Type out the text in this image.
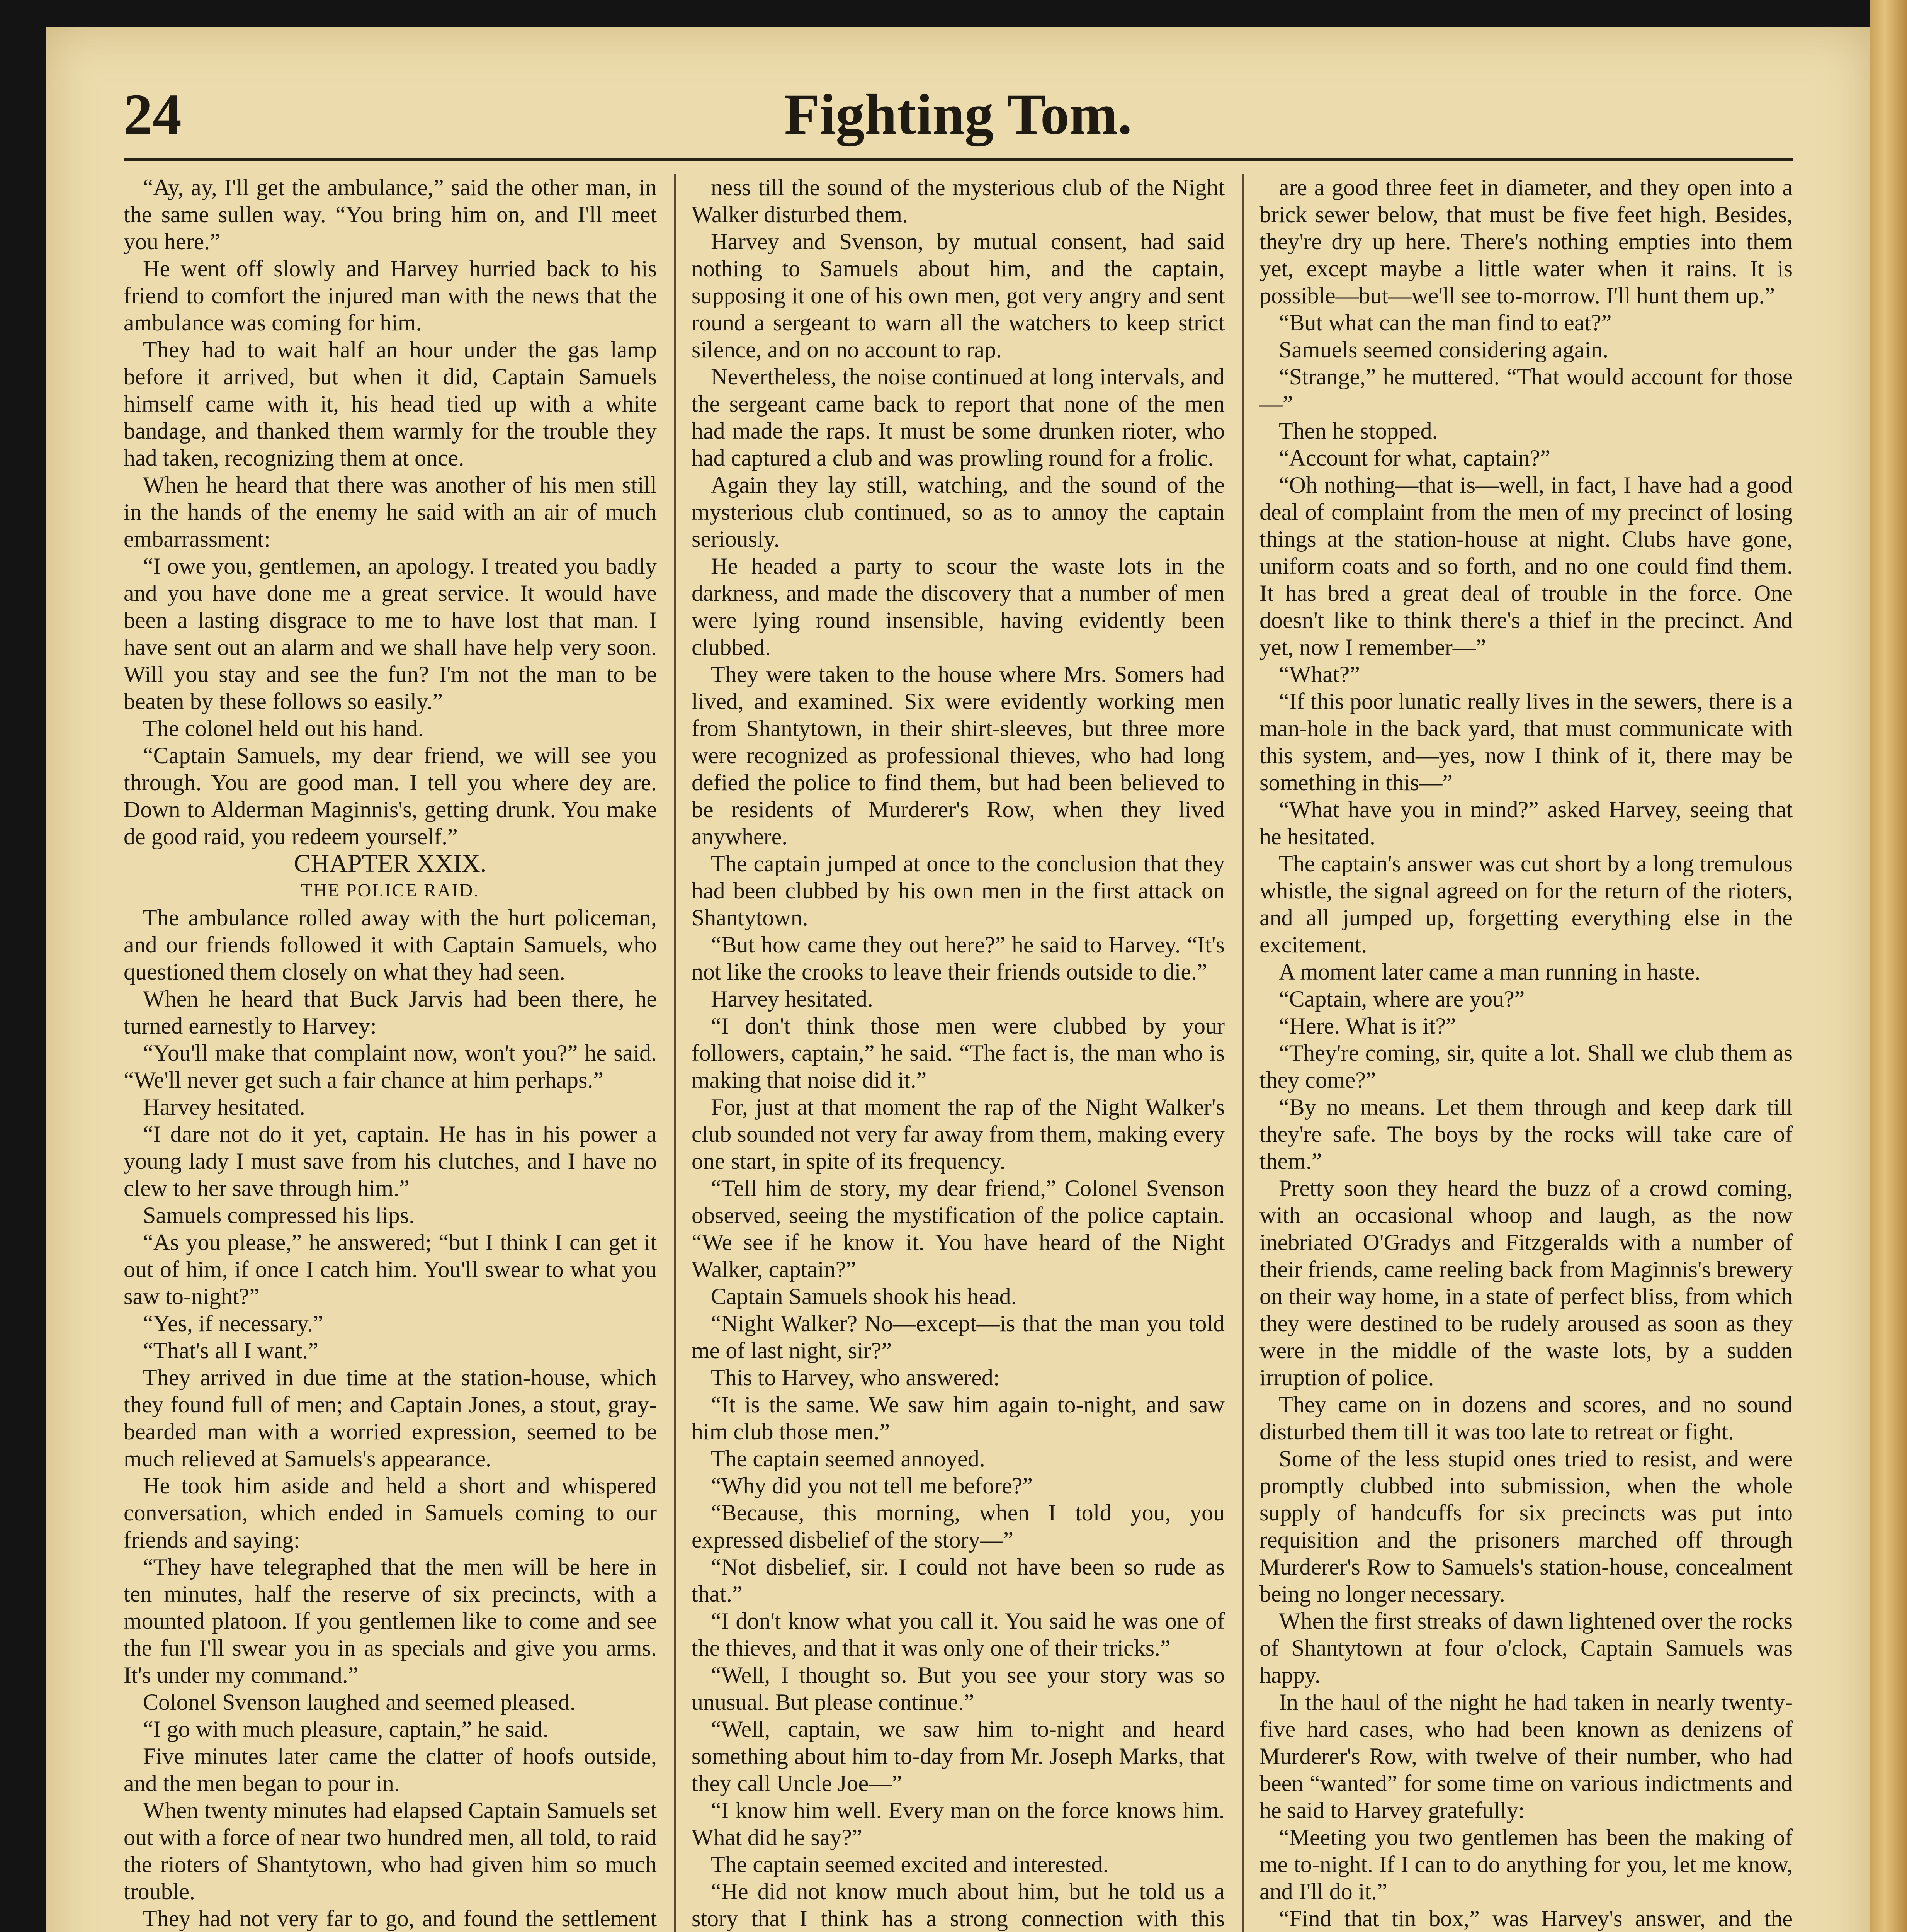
24	Fighting Tom.

“Ay, ay, I'll get the ambulance,” said the other man, in the same sullen way. “You bring him on, and I'll meet you here.”

He went off slowly and Harvey hurried back to his friend to comfort the injured man with the news that the ambulance was coming for him.

They had to wait half an hour under the gas lamp before it arrived, but when it did, Captain Samuels himself came with it, his head tied up with a white bandage, and thanked them warmly for the trouble they had taken, recognizing them at once.

When he heard that there was another of his men still in the hands of the enemy he said with an air of much embarrassment:

“I owe you, gentlemen, an apology. I treated you badly and you have done me a great service. It would have been a lasting disgrace to me to have lost that man. I have sent out an alarm and we shall have help very soon. Will you stay and see the fun? I'm not the man to be beaten by these follows so easily.”

The colonel held out his hand.

“Captain Samuels, my dear friend, we will see you through. You are good man. I tell you where dey are. Down to Alderman Maginnis's, getting drunk. You make de good raid, you redeem yourself.”

CHAPTER XXIX.

THE POLICE RAID.

The ambulance rolled away with the hurt policeman, and our friends followed it with Captain Samuels, who questioned them closely on what they had seen.

When he heard that Buck Jarvis had been there, he turned earnestly to Harvey:

“You'll make that complaint now, won't you?” he said. “We'll never get such a fair chance at him perhaps.”

Harvey hesitated.

“I dare not do it yet, captain. He has in his power a young lady I must save from his clutches, and I have no clew to her save through him.”

Samuels compressed his lips.

“As you please,” he answered; “but I think I can get it out of him, if once I catch him. You'll swear to what you saw to-night?”

“Yes, if necessary.”

“That's all I want.”

They arrived in due time at the station-house, which they found full of men; and Captain Jones, a stout, gray-bearded man with a worried expression, seemed to be much relieved at Samuels's appearance.

He took him aside and held a short and whispered conversation, which ended in Samuels coming to our friends and saying:

“They have telegraphed that the men will be here in ten minutes, half the reserve of six precincts, with a mounted platoon. If you gentlemen like to come and see the fun I'll swear you in as specials and give you arms. It's under my command.”

Colonel Svenson laughed and seemed pleased.

“I go with much pleasure, captain,” he said.

Five minutes later came the clatter of hoofs outside, and the men began to pour in.

When twenty minutes had elapsed Captain Samuels set out with a force of near two hundred men, all told, to raid the rioters of Shantytown, who had given him so much trouble.

They had not very far to go, and found the settlement

ness till the sound of the mysterious club of the Night Walker disturbed them.

Harvey and Svenson, by mutual consent, had said nothing to Samuels about him, and the captain, supposing it one of his own men, got very angry and sent round a sergeant to warn all the watchers to keep strict silence, and on no account to rap.

Nevertheless, the noise continued at long intervals, and the sergeant came back to report that none of the men had made the raps. It must be some drunken rioter, who had captured a club and was prowling round for a frolic.

Again they lay still, watching, and the sound of the mysterious club continued, so as to annoy the captain seriously.

He headed a party to scour the waste lots in the darkness, and made the discovery that a number of men were lying round insensible, having evidently been clubbed.

They were taken to the house where Mrs. Somers had lived, and examined. Six were evidently working men from Shantytown, in their shirt-sleeves, but three more were recognized as professional thieves, who had long defied the police to find them, but had been believed to be residents of Murderer's Row, when they lived anywhere.

The captain jumped at once to the conclusion that they had been clubbed by his own men in the first attack on Shantytown.

“But how came they out here?” he said to Harvey. “It's not like the crooks to leave their friends outside to die.”

Harvey hesitated.

“I don't think those men were clubbed by your followers, captain,” he said. “The fact is, the man who is making that noise did it.”

For, just at that moment the rap of the Night Walker's club sounded not very far away from them, making every one start, in spite of its frequency.

“Tell him de story, my dear friend,” Colonel Svenson observed, seeing the mystification of the police captain. “We see if he know it. You have heard of the Night Walker, captain?”

Captain Samuels shook his head.

“Night Walker? No—except—is that the man you told me of last night, sir?”

This to Harvey, who answered:

“It is the same. We saw him again to-night, and saw him club those men.”

The captain seemed annoyed.

“Why did you not tell me before?”

“Because, this morning, when I told you, you expressed disbelief of the story—”

“Not disbelief, sir. I could not have been so rude as that.”

“I don't know what you call it. You said he was one of the thieves, and that it was only one of their tricks.”

“Well, I thought so. But you see your story was so unusual. But please continue.”

“Well, captain, we saw him to-night and heard something about him to-day from Mr. Joseph Marks, that they call Uncle Joe—”

“I know him well. Every man on the force knows him. What did he say?”

The captain seemed excited and interested.

“He did not know much about him, but he told us a story that I think has a strong connection with this

are a good three feet in diameter, and they open into a brick sewer below, that must be five feet high. Besides, they're dry up here. There's nothing empties into them yet, except maybe a little water when it rains. It is possible—but—we'll see to-morrow. I'll hunt them up.”

“But what can the man find to eat?”

Samuels seemed considering again.

“Strange,” he muttered. “That would account for those—”

Then he stopped.

“Account for what, captain?”

“Oh nothing—that is—well, in fact, I have had a good deal of complaint from the men of my precinct of losing things at the station-house at night. Clubs have gone, uniform coats and so forth, and no one could find them. It has bred a great deal of trouble in the force. One doesn't like to think there's a thief in the precinct. And yet, now I remember—”

“What?”

“If this poor lunatic really lives in the sewers, there is a man-hole in the back yard, that must communicate with this system, and—yes, now I think of it, there may be something in this—”

“What have you in mind?” asked Harvey, seeing that he hesitated.

The captain's answer was cut short by a long tremulous whistle, the signal agreed on for the return of the rioters, and all jumped up, forgetting everything else in the excitement.

A moment later came a man running in haste.

“Captain, where are you?”

“Here. What is it?”

“They're coming, sir, quite a lot. Shall we club them as they come?”

“By no means. Let them through and keep dark till they're safe. The boys by the rocks will take care of them.”

Pretty soon they heard the buzz of a crowd coming, with an occasional whoop and laugh, as the now inebriated O'Gradys and Fitzgeralds with a number of their friends, came reeling back from Maginnis's brewery on their way home, in a state of perfect bliss, from which they were destined to be rudely aroused as soon as they were in the middle of the waste lots, by a sudden irruption of police.

They came on in dozens and scores, and no sound disturbed them till it was too late to retreat or fight.

Some of the less stupid ones tried to resist, and were promptly clubbed into submission, when the whole supply of handcuffs for six precincts was put into requisition and the prisoners marched off through Murderer's Row to Samuels's station-house, concealment being no longer necessary.

When the first streaks of dawn lightened over the rocks of Shantytown at four o'clock, Captain Samuels was happy.

In the haul of the night he had taken in nearly twenty-five hard cases, who had been known as denizens of Murderer's Row, with twelve of their number, who had been “wanted” for some time on various indictments and he said to Harvey gratefully:

“Meeting you two gentlemen has been the making of me to-night. If I can to do anything for you, let me know, and I'll do it.”

“Find that tin box,” was Harvey's answer, and the
